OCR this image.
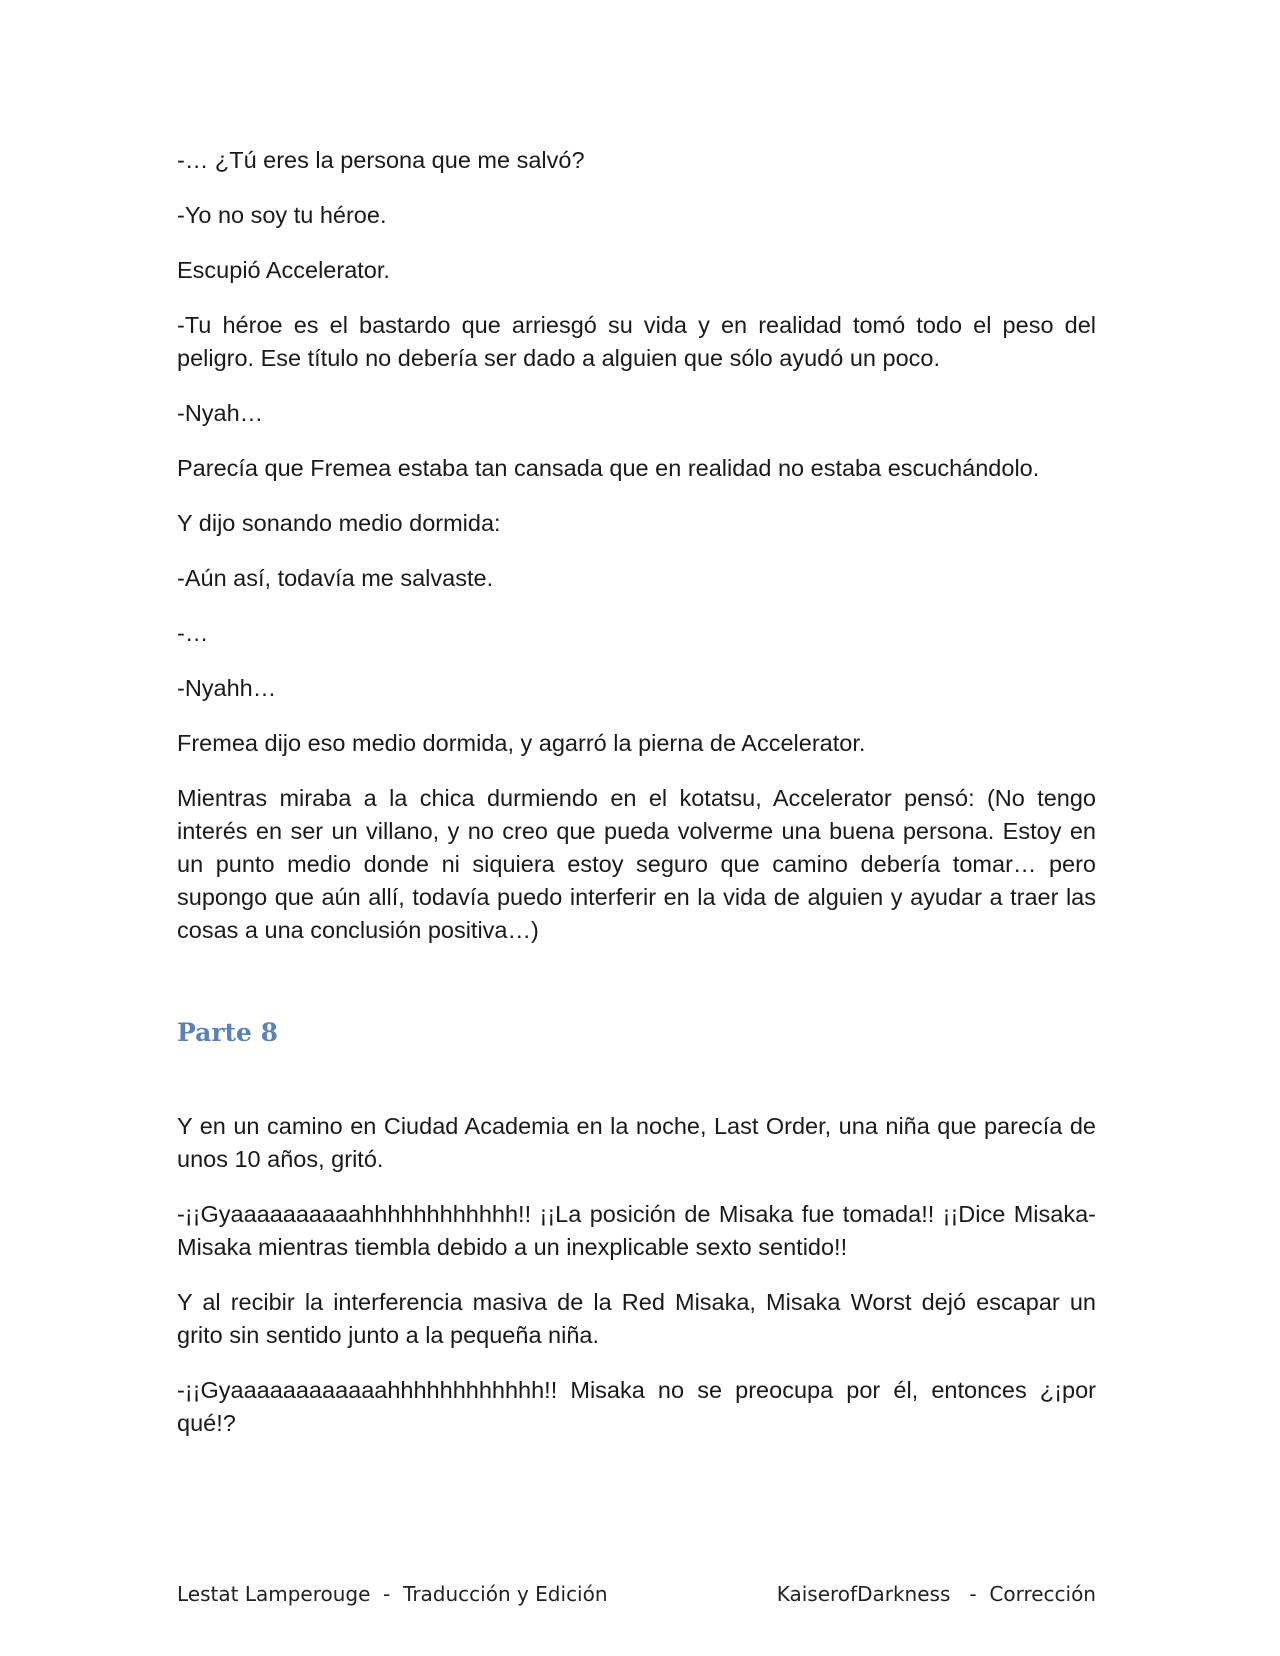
-… ¿Tú eres la persona que me salvó?

-Yo no soy tu héroe.

Escupió Accelerator.

-Tu héroe es el bastardo que arriesgó su vida y en realidad tomó todo el peso del peligro. Ese título no debería ser dado a alguien que sólo ayudó un poco.

-Nyah…

Parecía que Fremea estaba tan cansada que en realidad no estaba escuchándolo.

Y dijo sonando medio dormida:

-Aún así, todavía me salvaste.

-…

-Nyahh…

Fremea dijo eso medio dormida, y agarró la pierna de Accelerator.

Mientras miraba a la chica durmiendo en el kotatsu, Accelerator pensó: (No tengo interés en ser un villano, y no creo que pueda volverme una buena persona. Estoy en un punto medio donde ni siquiera estoy seguro que camino debería tomar… pero supongo que aún allí, todavía puedo interferir en la vida de alguien y ayudar a traer las cosas a una conclusión positiva…)

Parte 8

Y en un camino en Ciudad Academia en la noche, Last Order, una niña que parecía de unos 10 años, gritó.

-¡¡Gyaaaaaaaaaahhhhhhhhhhhh!! ¡¡La posición de Misaka fue tomada!! ¡¡Dice Misaka-Misaka mientras tiembla debido a un inexplicable sexto sentido!!

Y al recibir la interferencia masiva de la Red Misaka, Misaka Worst dejó escapar un grito sin sentido junto a la pequeña niña.

-¡¡Gyaaaaaaaaaaaahhhhhhhhhhhh!! Misaka no se preocupa por él, entonces ¿¡por qué!?

Lestat Lamperouge  -  Traducción y Edición	KaiserofDarkness   -  Corrección
